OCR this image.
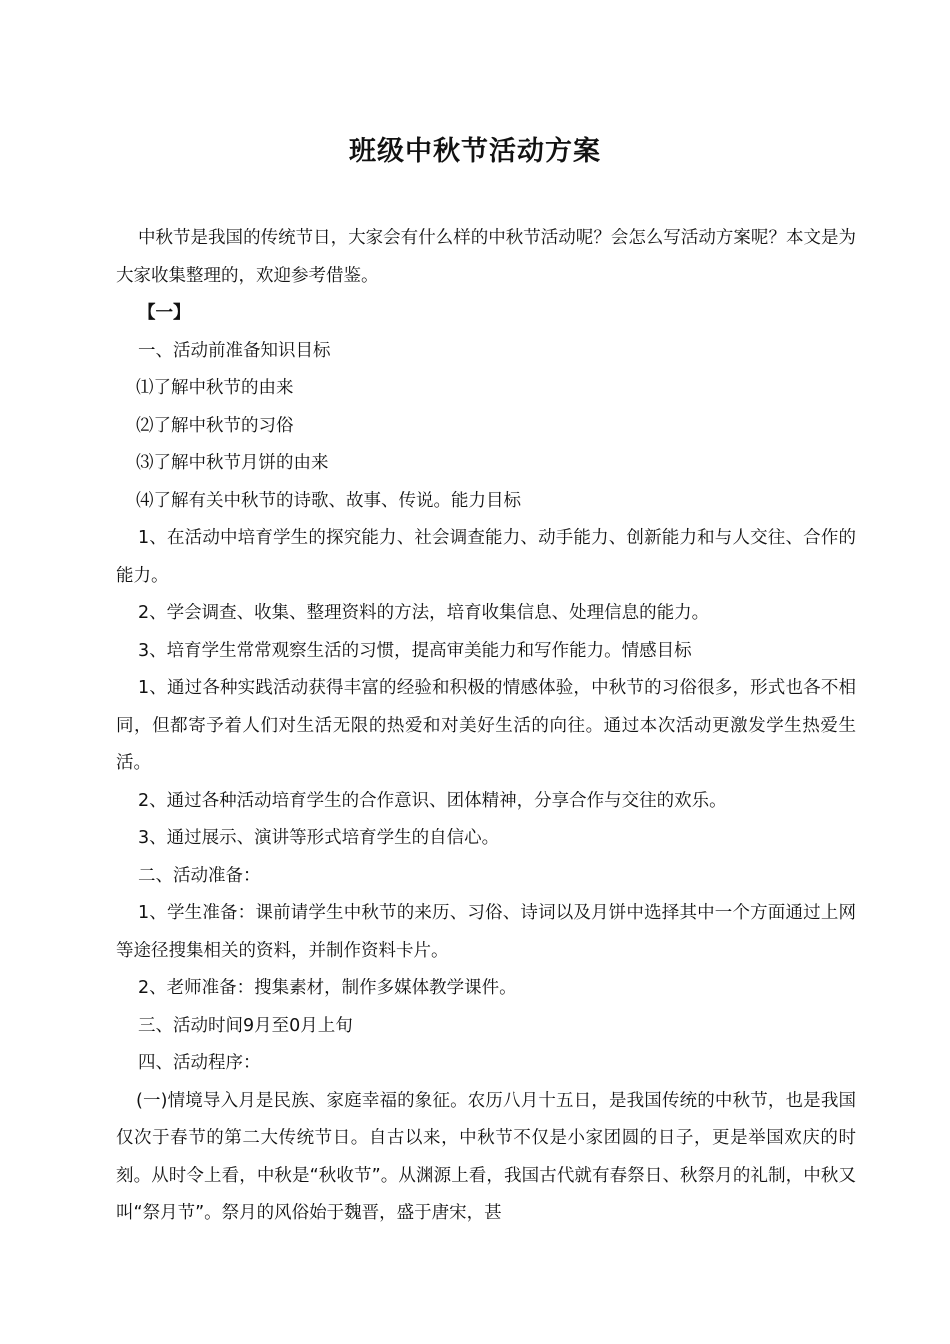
班级中秋节活动方案

中秋节是我国的传统节日，大家会有什么样的中秋节活动呢？会怎么写活动方案呢？本文是为大家收集整理的，欢迎参考借鉴。

【一】

一、活动前准备知识目标

⑴了解中秋节的由来

⑵了解中秋节的习俗

⑶了解中秋节月饼的由来

⑷了解有关中秋节的诗歌、故事、传说。能力目标

1、在活动中培育学生的探究能力、社会调查能力、动手能力、创新能力和与人交往、合作的能力。

2、学会调查、收集、整理资料的方法，培育收集信息、处理信息的能力。

3、培育学生常常观察生活的习惯，提高审美能力和写作能力。情感目标

1、通过各种实践活动获得丰富的经验和积极的情感体验，中秋节的习俗很多，形式也各不相同，但都寄予着人们对生活无限的热爱和对美好生活的向往。通过本次活动更激发学生热爱生活。

2、通过各种活动培育学生的合作意识、团体精神，分享合作与交往的欢乐。

3、通过展示、演讲等形式培育学生的自信心。

二、活动准备：

1、学生准备：课前请学生中秋节的来历、习俗、诗词以及月饼中选择其中一个方面通过上网等途径搜集相关的资料，并制作资料卡片。

2、老师准备：搜集素材，制作多媒体教学课件。

三、活动时间9月至0月上旬

四、活动程序：

(一)情境导入月是民族、家庭幸福的象征。农历八月十五日，是我国传统的中秋节，也是我国仅次于春节的第二大传统节日。自古以来，中秋节不仅是小家团圆的日子，更是举国欢庆的时刻。从时令上看，中秋是“秋收节”。从渊源上看，我国古代就有春祭日、秋祭月的礼制，中秋又叫“祭月节”。祭月的风俗始于魏晋，盛于唐宋，甚
